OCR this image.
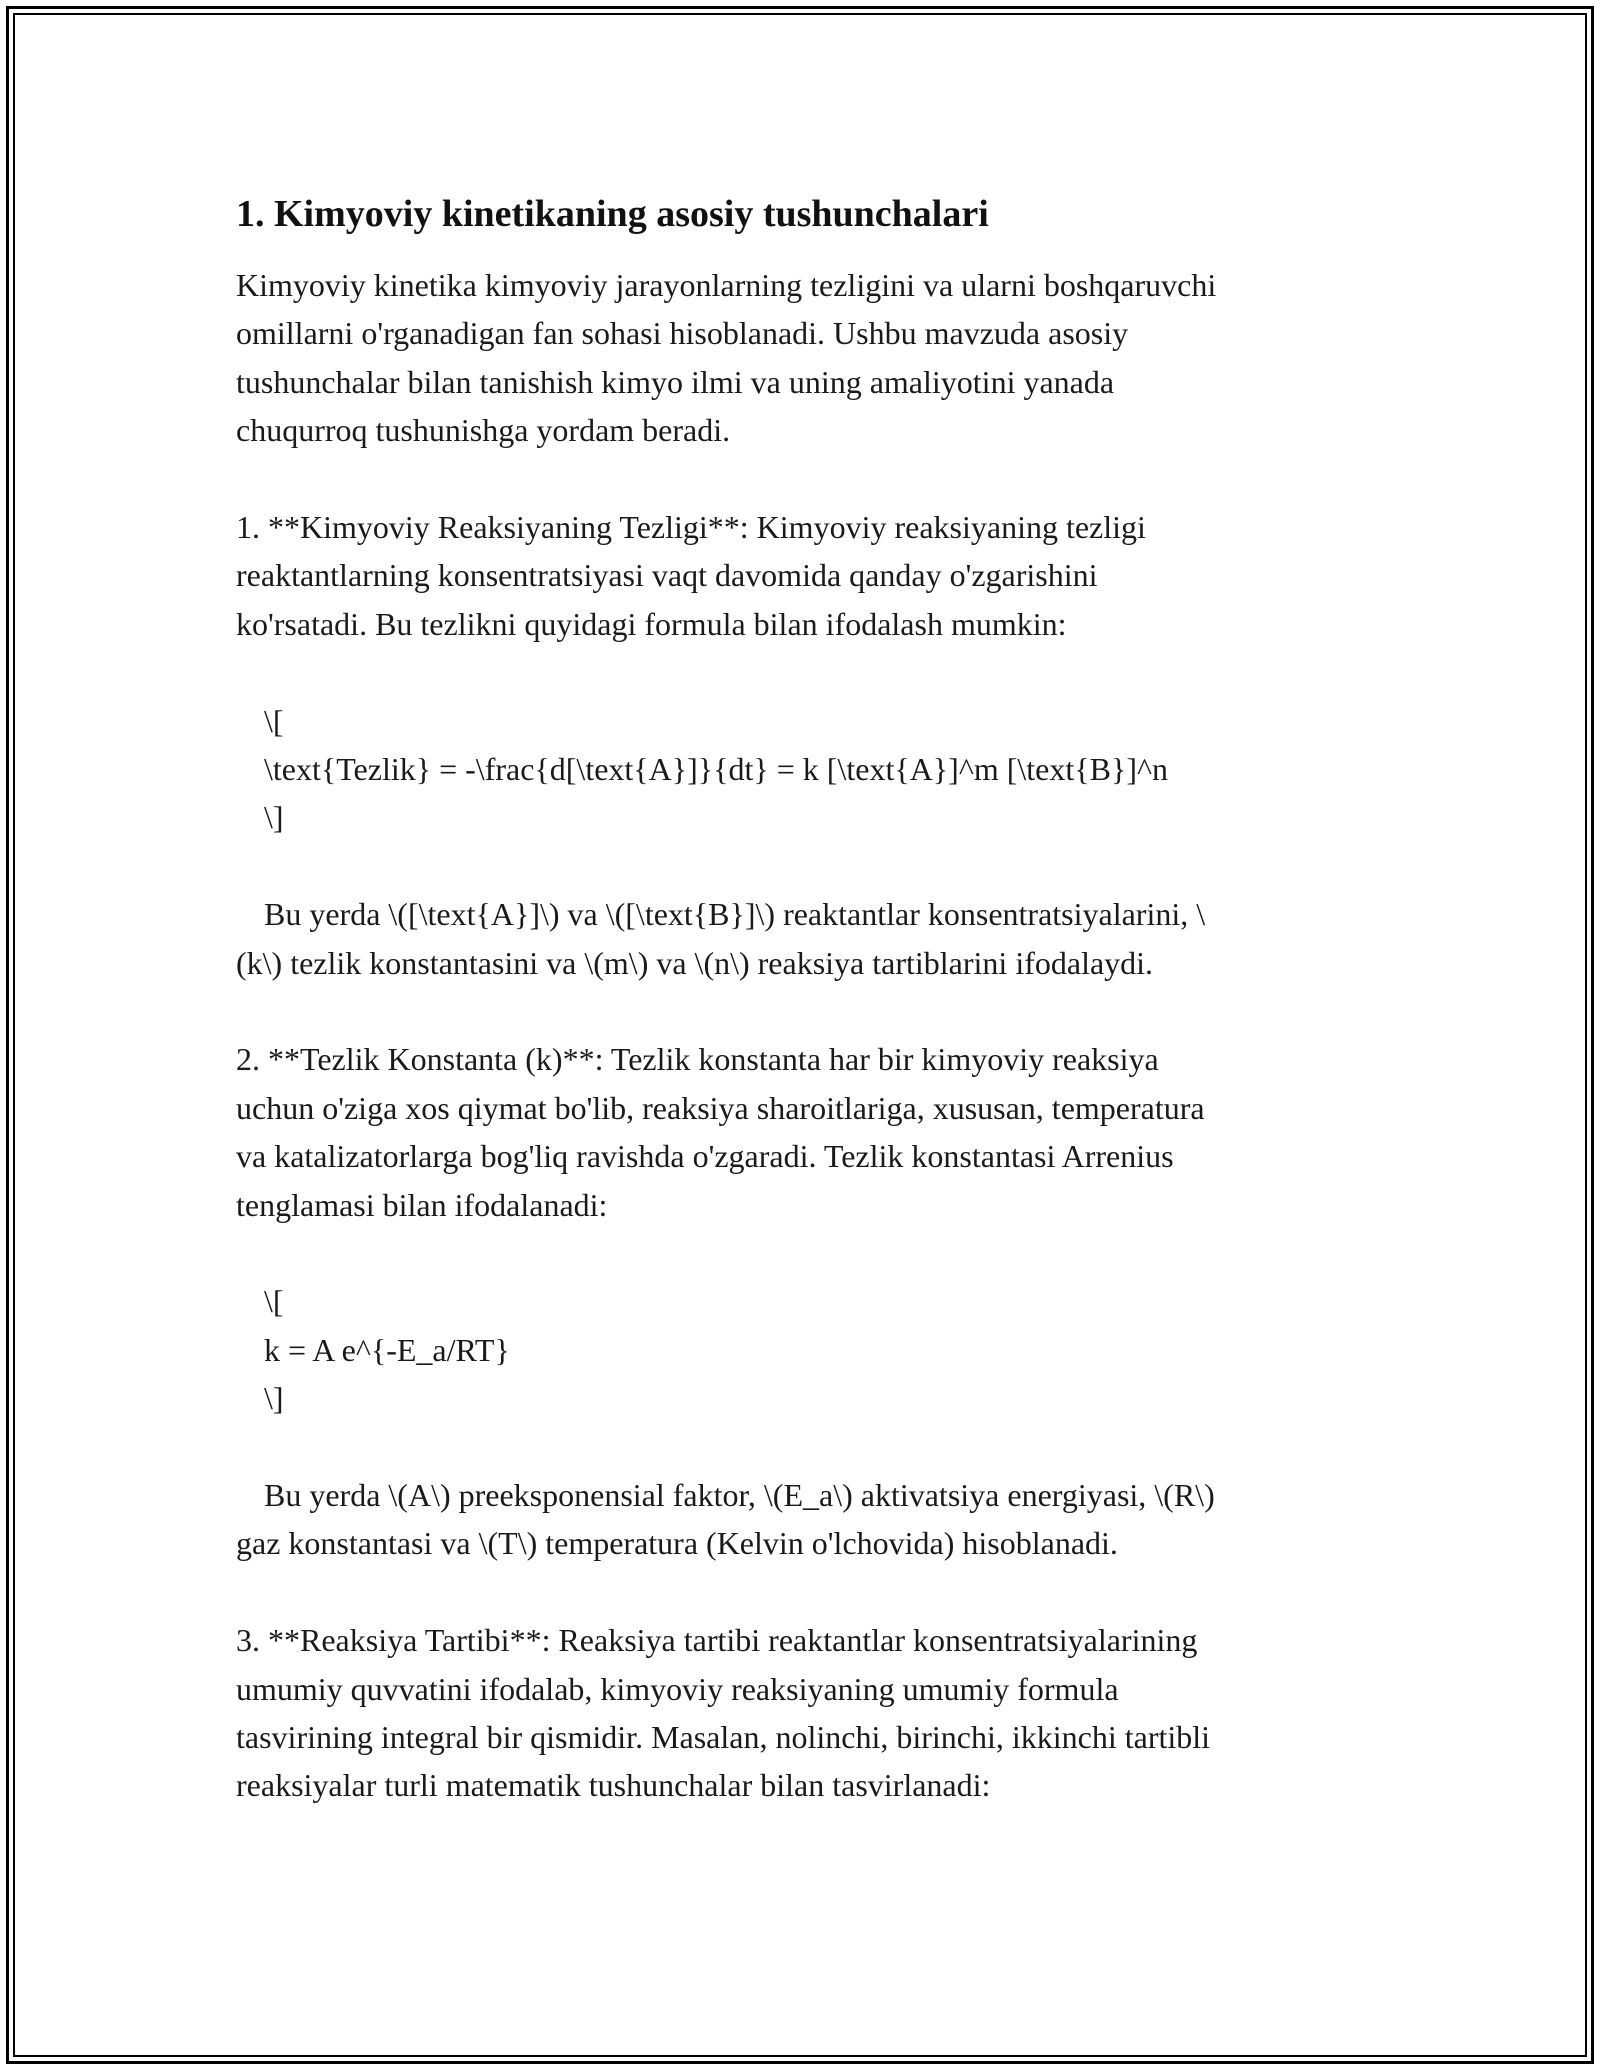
1. Kimyoviy kinetikaning asosiy tushunchalari

Kimyoviy kinetika kimyoviy jarayonlarning tezligini va ularni boshqaruvchi

omillarni o'rganadigan fan sohasi hisoblanadi. Ushbu mavzuda asosiy

tushunchalar bilan tanishish kimyo ilmi va uning amaliyotini yanada

chuqurroq tushunishga yordam beradi.

1. **Kimyoviy Reaksiyaning Tezligi**: Kimyoviy reaksiyaning tezligi

reaktantlarning konsentratsiyasi vaqt davomida qanday o'zgarishini

ko'rsatadi. Bu tezlikni quyidagi formula bilan ifodalash mumkin:

\[

\text{Tezlik} = -\frac{d[\text{A}]}{dt} = k [\text{A}]^m [\text{B}]^n

\]

Bu yerda \([\text{A}]\) va \([\text{B}]\) reaktantlar konsentratsiyalarini, \

(k\) tezlik konstantasini va \(m\) va \(n\) reaksiya tartiblarini ifodalaydi.

2. **Tezlik Konstanta (k)**: Tezlik konstanta har bir kimyoviy reaksiya

uchun o'ziga xos qiymat bo'lib, reaksiya sharoitlariga, xususan, temperatura

va katalizatorlarga bog'liq ravishda o'zgaradi. Tezlik konstantasi Arrenius

tenglamasi bilan ifodalanadi:

\[

k = A e^{-E_a/RT}

\]

Bu yerda \(A\) preeksponensial faktor, \(E_a\) aktivatsiya energiyasi, \(R\)

gaz konstantasi va \(T\) temperatura (Kelvin o'lchovida) hisoblanadi.

3. **Reaksiya Tartibi**: Reaksiya tartibi reaktantlar konsentratsiyalarining

umumiy quvvatini ifodalab, kimyoviy reaksiyaning umumiy formula

tasvirining integral bir qismidir. Masalan, nolinchi, birinchi, ikkinchi tartibli

reaksiyalar turli matematik tushunchalar bilan tasvirlanadi:
